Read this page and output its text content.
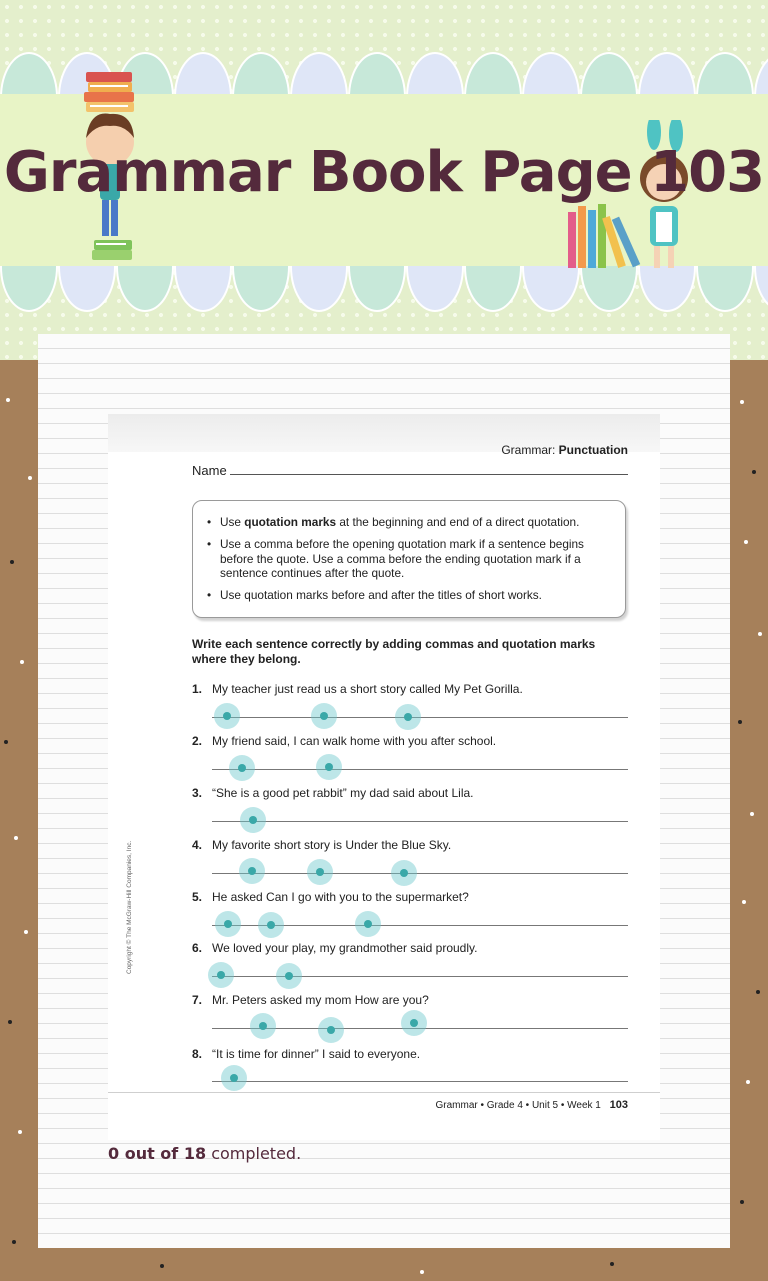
Grammar Book Page 103
Grammar: Punctuation
Name
• Use quotation marks at the beginning and end of a direct quotation.
• Use a comma before the opening quotation mark if a sentence begins before the quote. Use a comma before the ending quotation mark if a sentence continues after the quote.
• Use quotation marks before and after the titles of short works.
Write each sentence correctly by adding commas and quotation marks where they belong.
1. My teacher just read us a short story called My Pet Gorilla.
2. My friend said, I can walk home with you after school.
3. “She is a good pet rabbit” my dad said about Lila.
4. My favorite short story is Under the Blue Sky.
5. He asked Can I go with you to the supermarket?
6. We loved your play, my grandmother said proudly.
7. Mr. Peters asked my mom How are you?
8. “It is time for dinner” I said to everyone.
Copyright © The McGraw-Hill Companies, Inc.
Grammar • Grade 4 • Unit 5 • Week 1 103
0 out of 18 completed.
